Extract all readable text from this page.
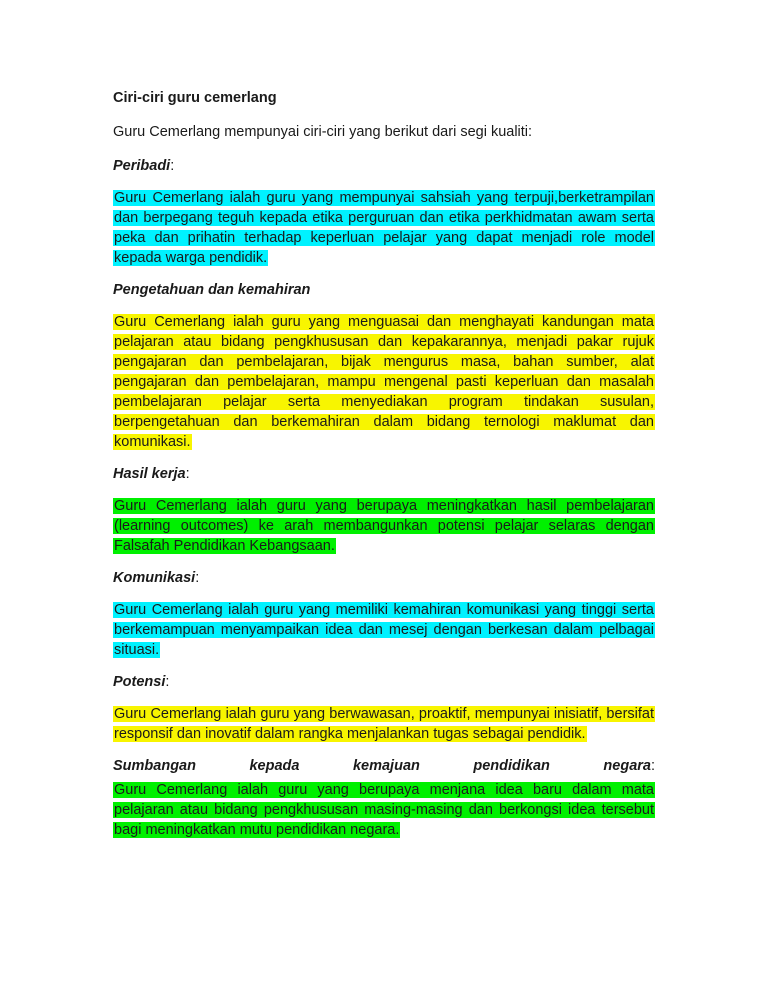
Ciri-ciri guru cemerlang

Guru Cemerlang mempunyai ciri-ciri yang berikut dari segi kualiti:

Peribadi:

Guru Cemerlang ialah guru yang mempunyai sahsiah yang terpuji,berketrampilan dan berpegang teguh kepada etika perguruan dan etika perkhidmatan awam serta peka dan prihatin terhadap keperluan pelajar yang dapat menjadi role model kepada warga pendidik.

Pengetahuan dan kemahiran

Guru Cemerlang ialah guru yang menguasai dan menghayati kandungan mata pelajaran atau bidang pengkhususan dan kepakarannya, menjadi pakar rujuk pengajaran dan pembelajaran, bijak mengurus masa, bahan sumber, alat pengajaran dan pembelajaran, mampu mengenal pasti keperluan dan masalah pembelajaran pelajar serta menyediakan program tindakan susulan, berpengetahuan dan berkemahiran dalam bidang ternologi maklumat dan komunikasi.

Hasil kerja:

Guru Cemerlang ialah guru yang berupaya meningkatkan hasil pembelajaran (learning outcomes) ke arah membangunkan potensi pelajar selaras dengan Falsafah Pendidikan Kebangsaan.

Komunikasi:

Guru Cemerlang ialah guru yang memiliki kemahiran komunikasi yang tinggi serta berkemampuan menyampaikan idea dan mesej dengan berkesan dalam pelbagai situasi.

Potensi:

Guru Cemerlang ialah guru yang berwawasan, proaktif, mempunyai inisiatif, bersifat responsif dan inovatif dalam rangka menjalankan tugas sebagai pendidik.

Sumbangan kepada kemajuan pendidikan negara:

Guru Cemerlang ialah guru yang berupaya menjana idea baru dalam mata pelajaran atau bidang pengkhususan masing-masing dan berkongsi idea tersebut bagi meningkatkan mutu pendidikan negara.
